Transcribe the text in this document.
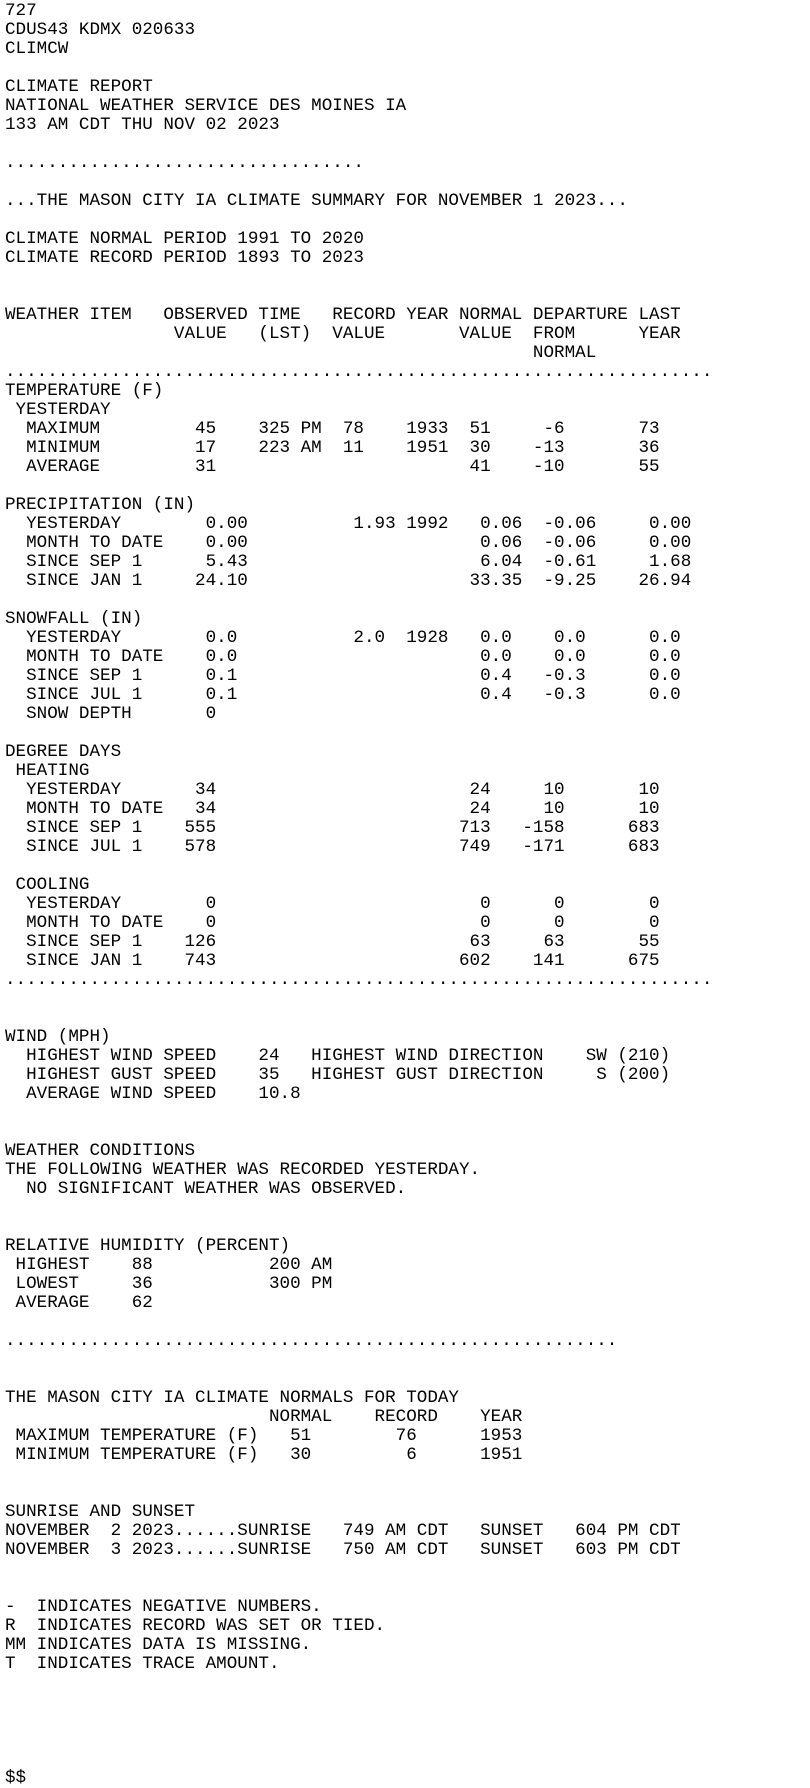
727
CDUS43 KDMX 020633
CLIMCW
CLIMATE REPORT
NATIONAL WEATHER SERVICE DES MOINES IA
133 AM CDT THU NOV 02 2023
..................................
...THE MASON CITY IA CLIMATE SUMMARY FOR NOVEMBER 1 2023...
CLIMATE NORMAL PERIOD 1991 TO 2020
CLIMATE RECORD PERIOD 1893 TO 2023
WEATHER ITEM   OBSERVED TIME   RECORD YEAR NORMAL DEPARTURE LAST
VALUE   (LST)  VALUE       VALUE  FROM      YEAR
NORMAL
...................................................................
TEMPERATURE (F)
YESTERDAY
MAXIMUM         45    325 PM  78    1933  51     -6       73
MINIMUM         17    223 AM  11    1951  30    -13       36
AVERAGE         31                        41    -10       55
PRECIPITATION (IN)
YESTERDAY        0.00          1.93 1992   0.06  -0.06     0.00
MONTH TO DATE    0.00                      0.06  -0.06     0.00
SINCE SEP 1      5.43                      6.04  -0.61     1.68
SINCE JAN 1     24.10                     33.35  -9.25    26.94
SNOWFALL (IN)
YESTERDAY        0.0           2.0  1928   0.0    0.0      0.0
MONTH TO DATE    0.0                       0.0    0.0      0.0
SINCE SEP 1      0.1                       0.4   -0.3      0.0
SINCE JUL 1      0.1                       0.4   -0.3      0.0
SNOW DEPTH       0
DEGREE DAYS
HEATING
YESTERDAY       34                        24     10       10
MONTH TO DATE   34                        24     10       10
SINCE SEP 1    555                       713   -158      683
SINCE JUL 1    578                       749   -171      683
COOLING
YESTERDAY        0                         0      0        0
MONTH TO DATE    0                         0      0        0
SINCE SEP 1    126                        63     63       55
SINCE JAN 1    743                       602    141      675
...................................................................
WIND (MPH)
HIGHEST WIND SPEED    24   HIGHEST WIND DIRECTION    SW (210)
HIGHEST GUST SPEED    35   HIGHEST GUST DIRECTION     S (200)
AVERAGE WIND SPEED    10.8
WEATHER CONDITIONS
THE FOLLOWING WEATHER WAS RECORDED YESTERDAY.
NO SIGNIFICANT WEATHER WAS OBSERVED.
RELATIVE HUMIDITY (PERCENT)
HIGHEST    88           200 AM
LOWEST     36           300 PM
AVERAGE    62
..........................................................
THE MASON CITY IA CLIMATE NORMALS FOR TODAY
NORMAL    RECORD    YEAR
MAXIMUM TEMPERATURE (F)   51        76      1953
MINIMUM TEMPERATURE (F)   30         6      1951
SUNRISE AND SUNSET
NOVEMBER  2 2023......SUNRISE   749 AM CDT   SUNSET   604 PM CDT
NOVEMBER  3 2023......SUNRISE   750 AM CDT   SUNSET   603 PM CDT
-  INDICATES NEGATIVE NUMBERS.
R  INDICATES RECORD WAS SET OR TIED.
MM INDICATES DATA IS MISSING.
T  INDICATES TRACE AMOUNT.
$$
